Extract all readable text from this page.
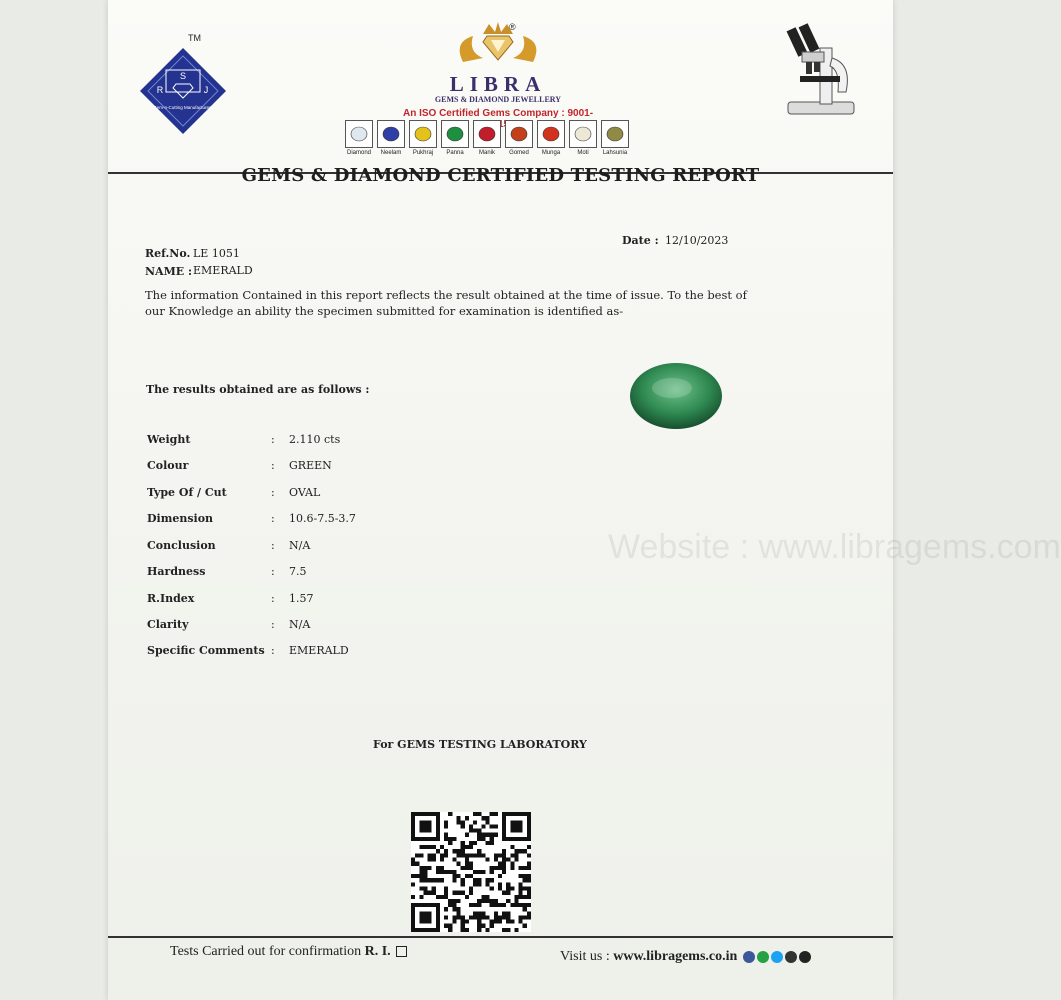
TM
S
R	J
Gem-n-Cutting Manufacturers
®
LIBRA
GEMS & DIAMOND JEWELLERY
An ISO Certified Gems Company : 9001- 15
Diamond Neelam Pukhraj Panna	Manik Gomed Munga	Moti Lahsunia
GEMS & DIAMOND CERTIFIED TESTING REPORT
Ref.No. LE 1051
NAME : EMERALD
Date : 12/10/2023
The information Contained in this report reflects the result obtained at the time of issue. To the best of our Knowledge an ability the specimen submitted for examination is identified as-
The results obtained are as follows :
Weight	: 2.110 cts
Colour	: GREEN
Type Of / Cut	: OVAL
Dimension	: 10.6-7.5-3.7
Conclusion	: N/A
Hardness	: 7.5
R.Index	: 1.57
Clarity	: N/A
Specific Comments : EMERALD
Website : www.libragems.com
For GEMS TESTING LABORATORY
Tests Carried out for confirmation R. I.	Visit us : www.libragems.co.in
